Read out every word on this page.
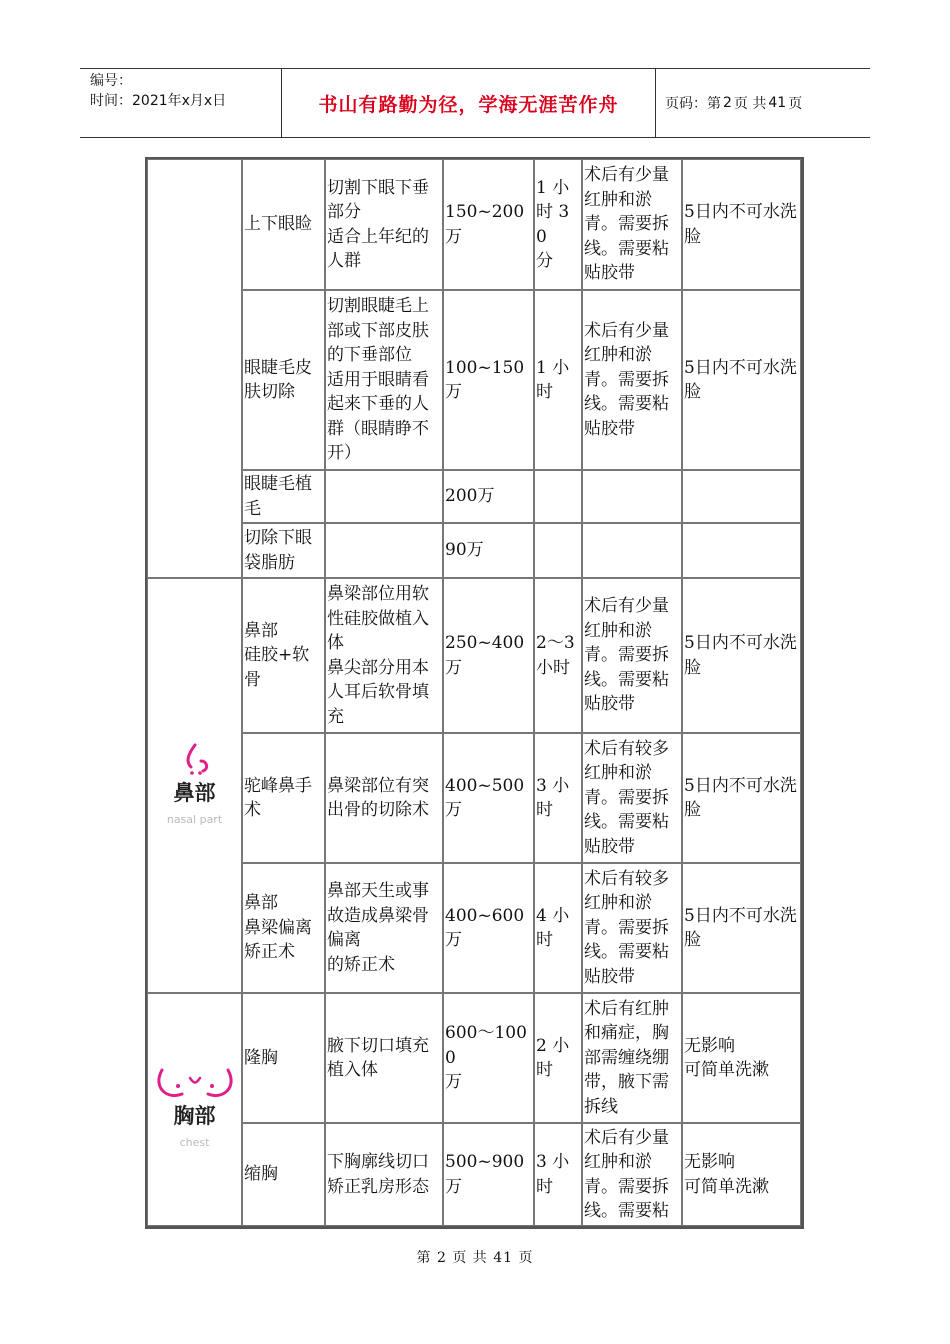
编号：
时间：2021年x月x日	书山有路勤为径，学海无涯苦作舟	页码：第 2 页 共 41 页
	上下眼睑	切割下眼下垂
部分
适合上年纪的
人群	150~200
万	1 小
时 30
分	术后有少量红肿和淤青。需要拆线。需要粘贴胶带	5日内不可水洗脸
	眼睫毛皮肤切除	切割眼睫毛上部或下部皮肤的下垂部位
适用于眼睛看起来下垂的人群（眼睛睁不开）	100~150
万	1 小
时	术后有少量红肿和淤青。需要拆线。需要粘贴胶带	5日内不可水洗脸
	眼睫毛植毛		200万			
	切除下眼袋脂肪		90万			

鼻部
nasal part	鼻部
硅胶+软骨	鼻梁部位用软性硅胶做植入体
鼻尖部分用本人耳后软骨填充	250~400
万	2～3
小时	术后有少量红肿和淤青。需要拆线。需要粘贴胶带	5日内不可水洗脸
	驼峰鼻手术	鼻梁部位有突出骨的切除术	400~500
万	3 小
时	术后有较多红肿和淤青。需要拆线。需要粘贴胶带	5日内不可水洗脸
	鼻部
鼻梁偏离矫正术	鼻部天生或事故造成鼻梁骨偏离
的矫正术	400~600
万	4 小
时	术后有较多红肿和淤青。需要拆线。需要粘贴胶带	5日内不可水洗脸

胸部
chest	隆胸	腋下切口填充植入体	600～1000
万	2 小
时	术后有红肿和痛症，胸部需缠绕绷带，腋下需拆线	无影响
可简单洗漱
	缩胸	下胸廓线切口矫正乳房形态	500~900
万	3 小
时	术后有少量红肿和淤青。需要拆线。需要粘	无影响
可简单洗漱
第 2 页 共 41 页
